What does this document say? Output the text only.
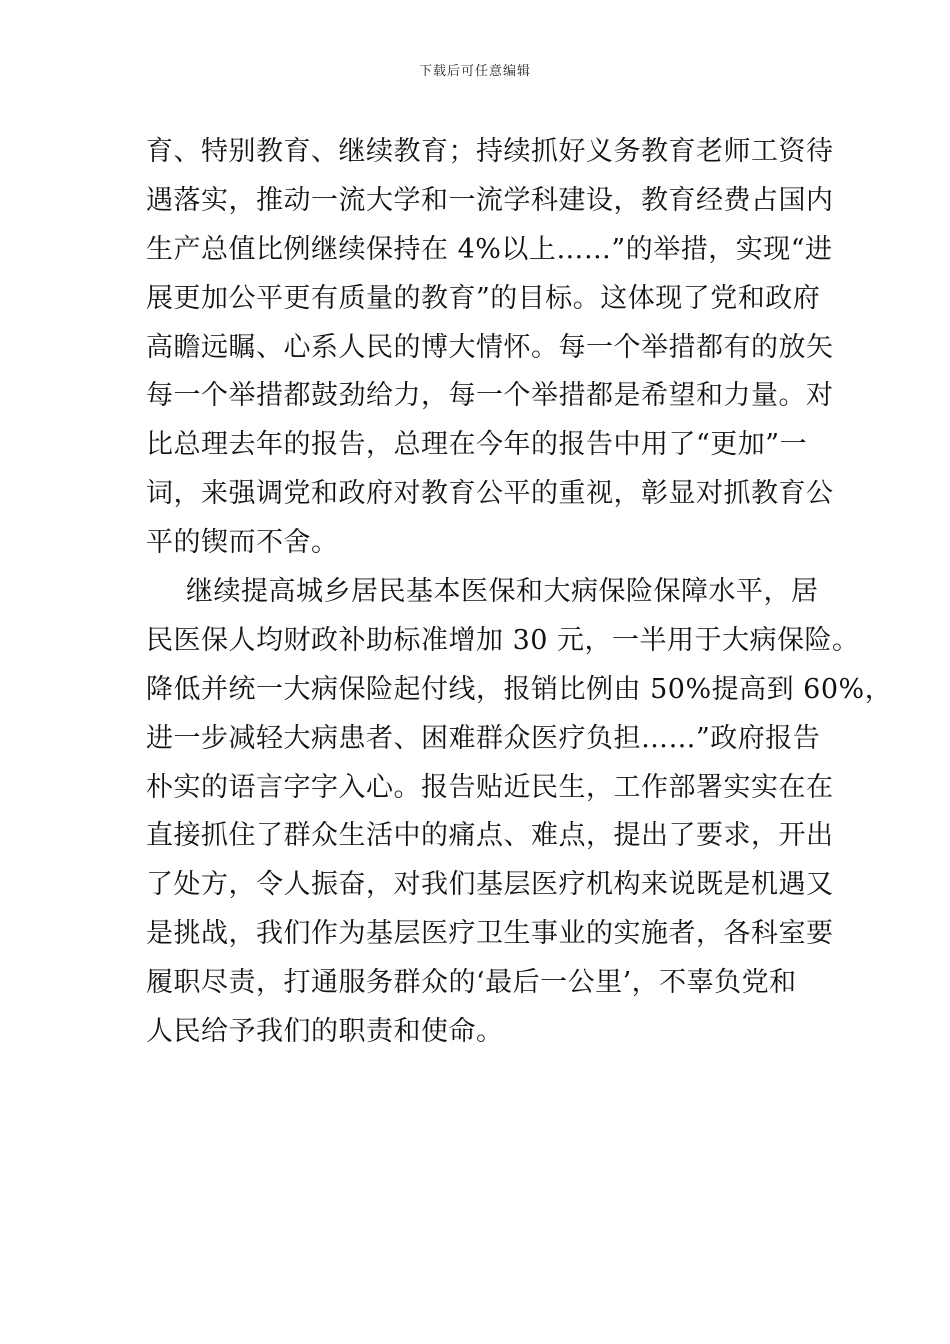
下载后可任意编辑
育、特别教育、继续教育；持续抓好义务教育老师工资待
遇落实，推动一流大学和一流学科建设，教育经费占国内
生产总值比例继续保持在 4%以上……”的举措，实现“进
展更加公平更有质量的教育”的目标。这体现了党和政府
高瞻远瞩、心系人民的博大情怀。每一个举措都有的放矢
每一个举措都鼓劲给力，每一个举措都是希望和力量。对
比总理去年的报告，总理在今年的报告中用了“更加”一
词，来强调党和政府对教育公平的重视，彰显对抓教育公
平的锲而不舍。
继续提高城乡居民基本医保和大病保险保障水平，居
民医保人均财政补助标准增加 30 元，一半用于大病保险。
降低并统一大病保险起付线，报销比例由 50%提高到 60%，
进一步减轻大病患者、困难群众医疗负担……”政府报告
朴实的语言字字入心。报告贴近民生，工作部署实实在在
直接抓住了群众生活中的痛点、难点，提出了要求，开出
了处方，令人振奋，对我们基层医疗机构来说既是机遇又
是挑战，我们作为基层医疗卫生事业的实施者，各科室要
履职尽责，打通服务群众的‘最后一公里’，不辜负党和
人民给予我们的职责和使命。
